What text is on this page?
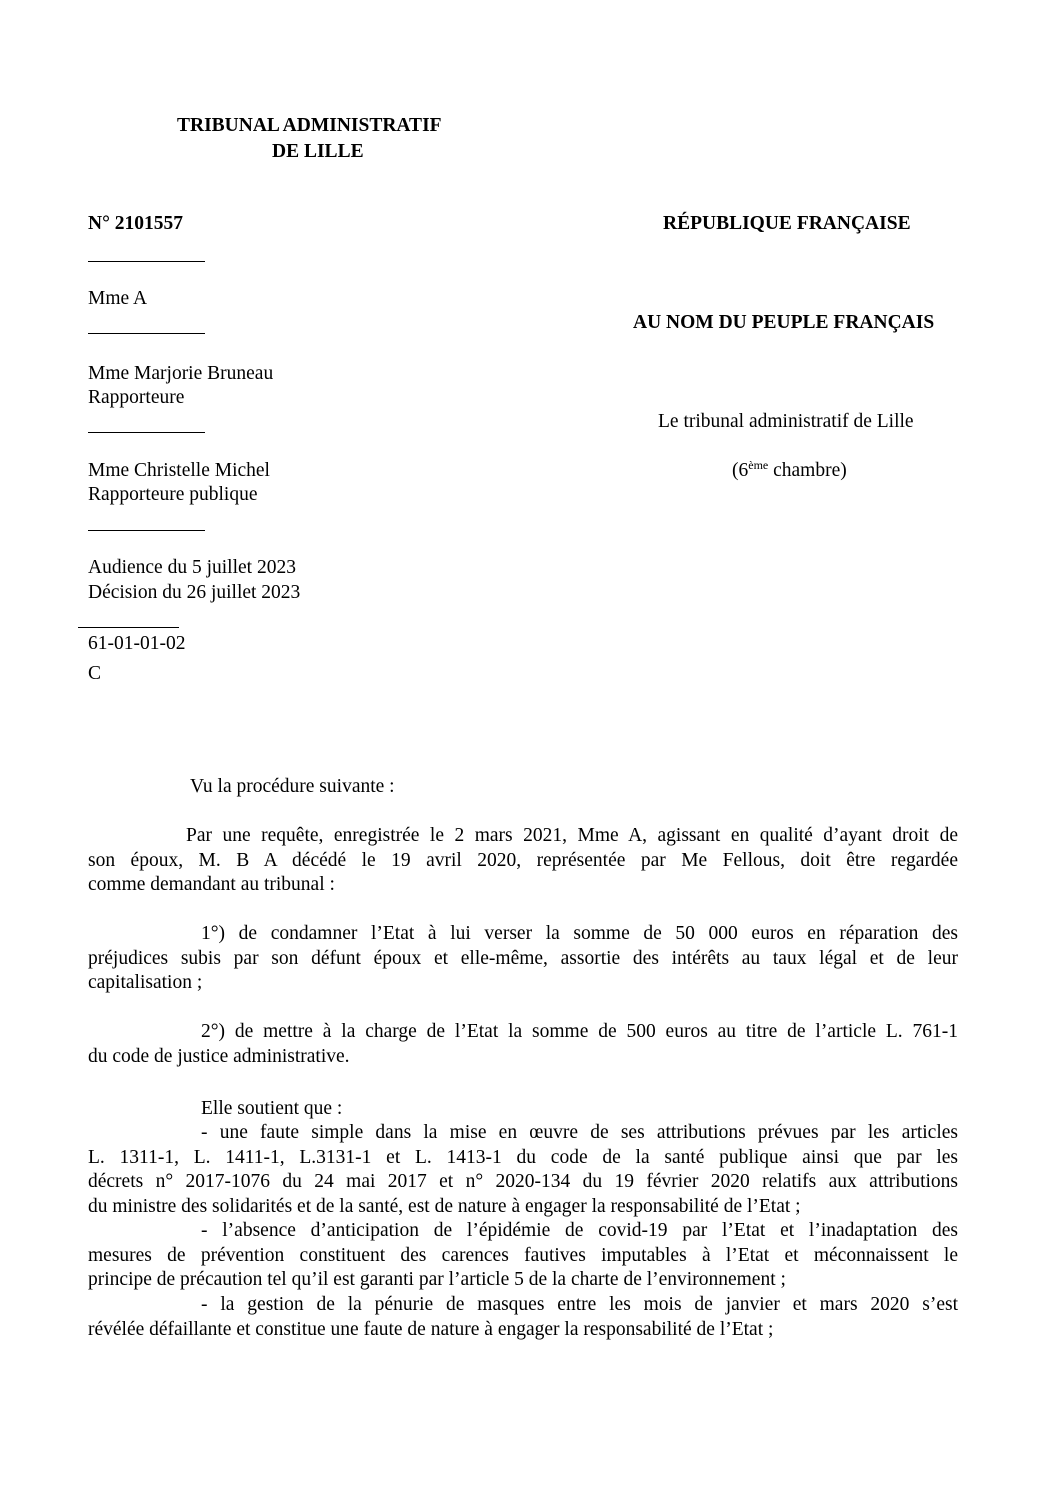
TRIBUNAL ADMINISTRATIF
DE LILLE
N° 2101557	RÉPUBLIQUE FRANÇAISE
Mme A
AU NOM DU PEUPLE FRANÇAIS
Mme Marjorie Bruneau
Rapporteure
Le tribunal administratif de Lille
Mme Christelle Michel	(6ème chambre)
Rapporteure publique
Audience du 5 juillet 2023
Décision du 26 juillet 2023
61-01-01-02
C
Vu la procédure suivante :
Par une requête, enregistrée le 2 mars 2021, Mme A, agissant en qualité d’ayant droit de
son époux, M. B A décédé le 19 avril 2020, représentée par Me Fellous, doit être regardée
comme demandant au tribunal :
1°) de condamner l’Etat à lui verser la somme de 50 000 euros en réparation des
préjudices subis par son défunt époux et elle-même, assortie des intérêts au taux légal et de leur
capitalisation ;
2°) de mettre à la charge de l’Etat la somme de 500 euros au titre de l’article L. 761-1
du code de justice administrative.
Elle soutient que :
- une faute simple dans la mise en œuvre de ses attributions prévues par les articles
L. 1311-1, L. 1411-1, L.3131-1 et L. 1413-1 du code de la santé publique ainsi que par les
décrets n° 2017-1076 du 24 mai 2017 et n° 2020-134 du 19 février 2020 relatifs aux attributions
du ministre des solidarités et de la santé, est de nature à engager la responsabilité de l’Etat ;
- l’absence d’anticipation de l’épidémie de covid-19 par l’Etat et l’inadaptation des
mesures de prévention constituent des carences fautives imputables à l’Etat et méconnaissent le
principe de précaution tel qu’il est garanti par l’article 5 de la charte de l’environnement ;
- la gestion de la pénurie de masques entre les mois de janvier et mars 2020 s’est
révélée défaillante et constitue une faute de nature à engager la responsabilité de l’Etat ;
